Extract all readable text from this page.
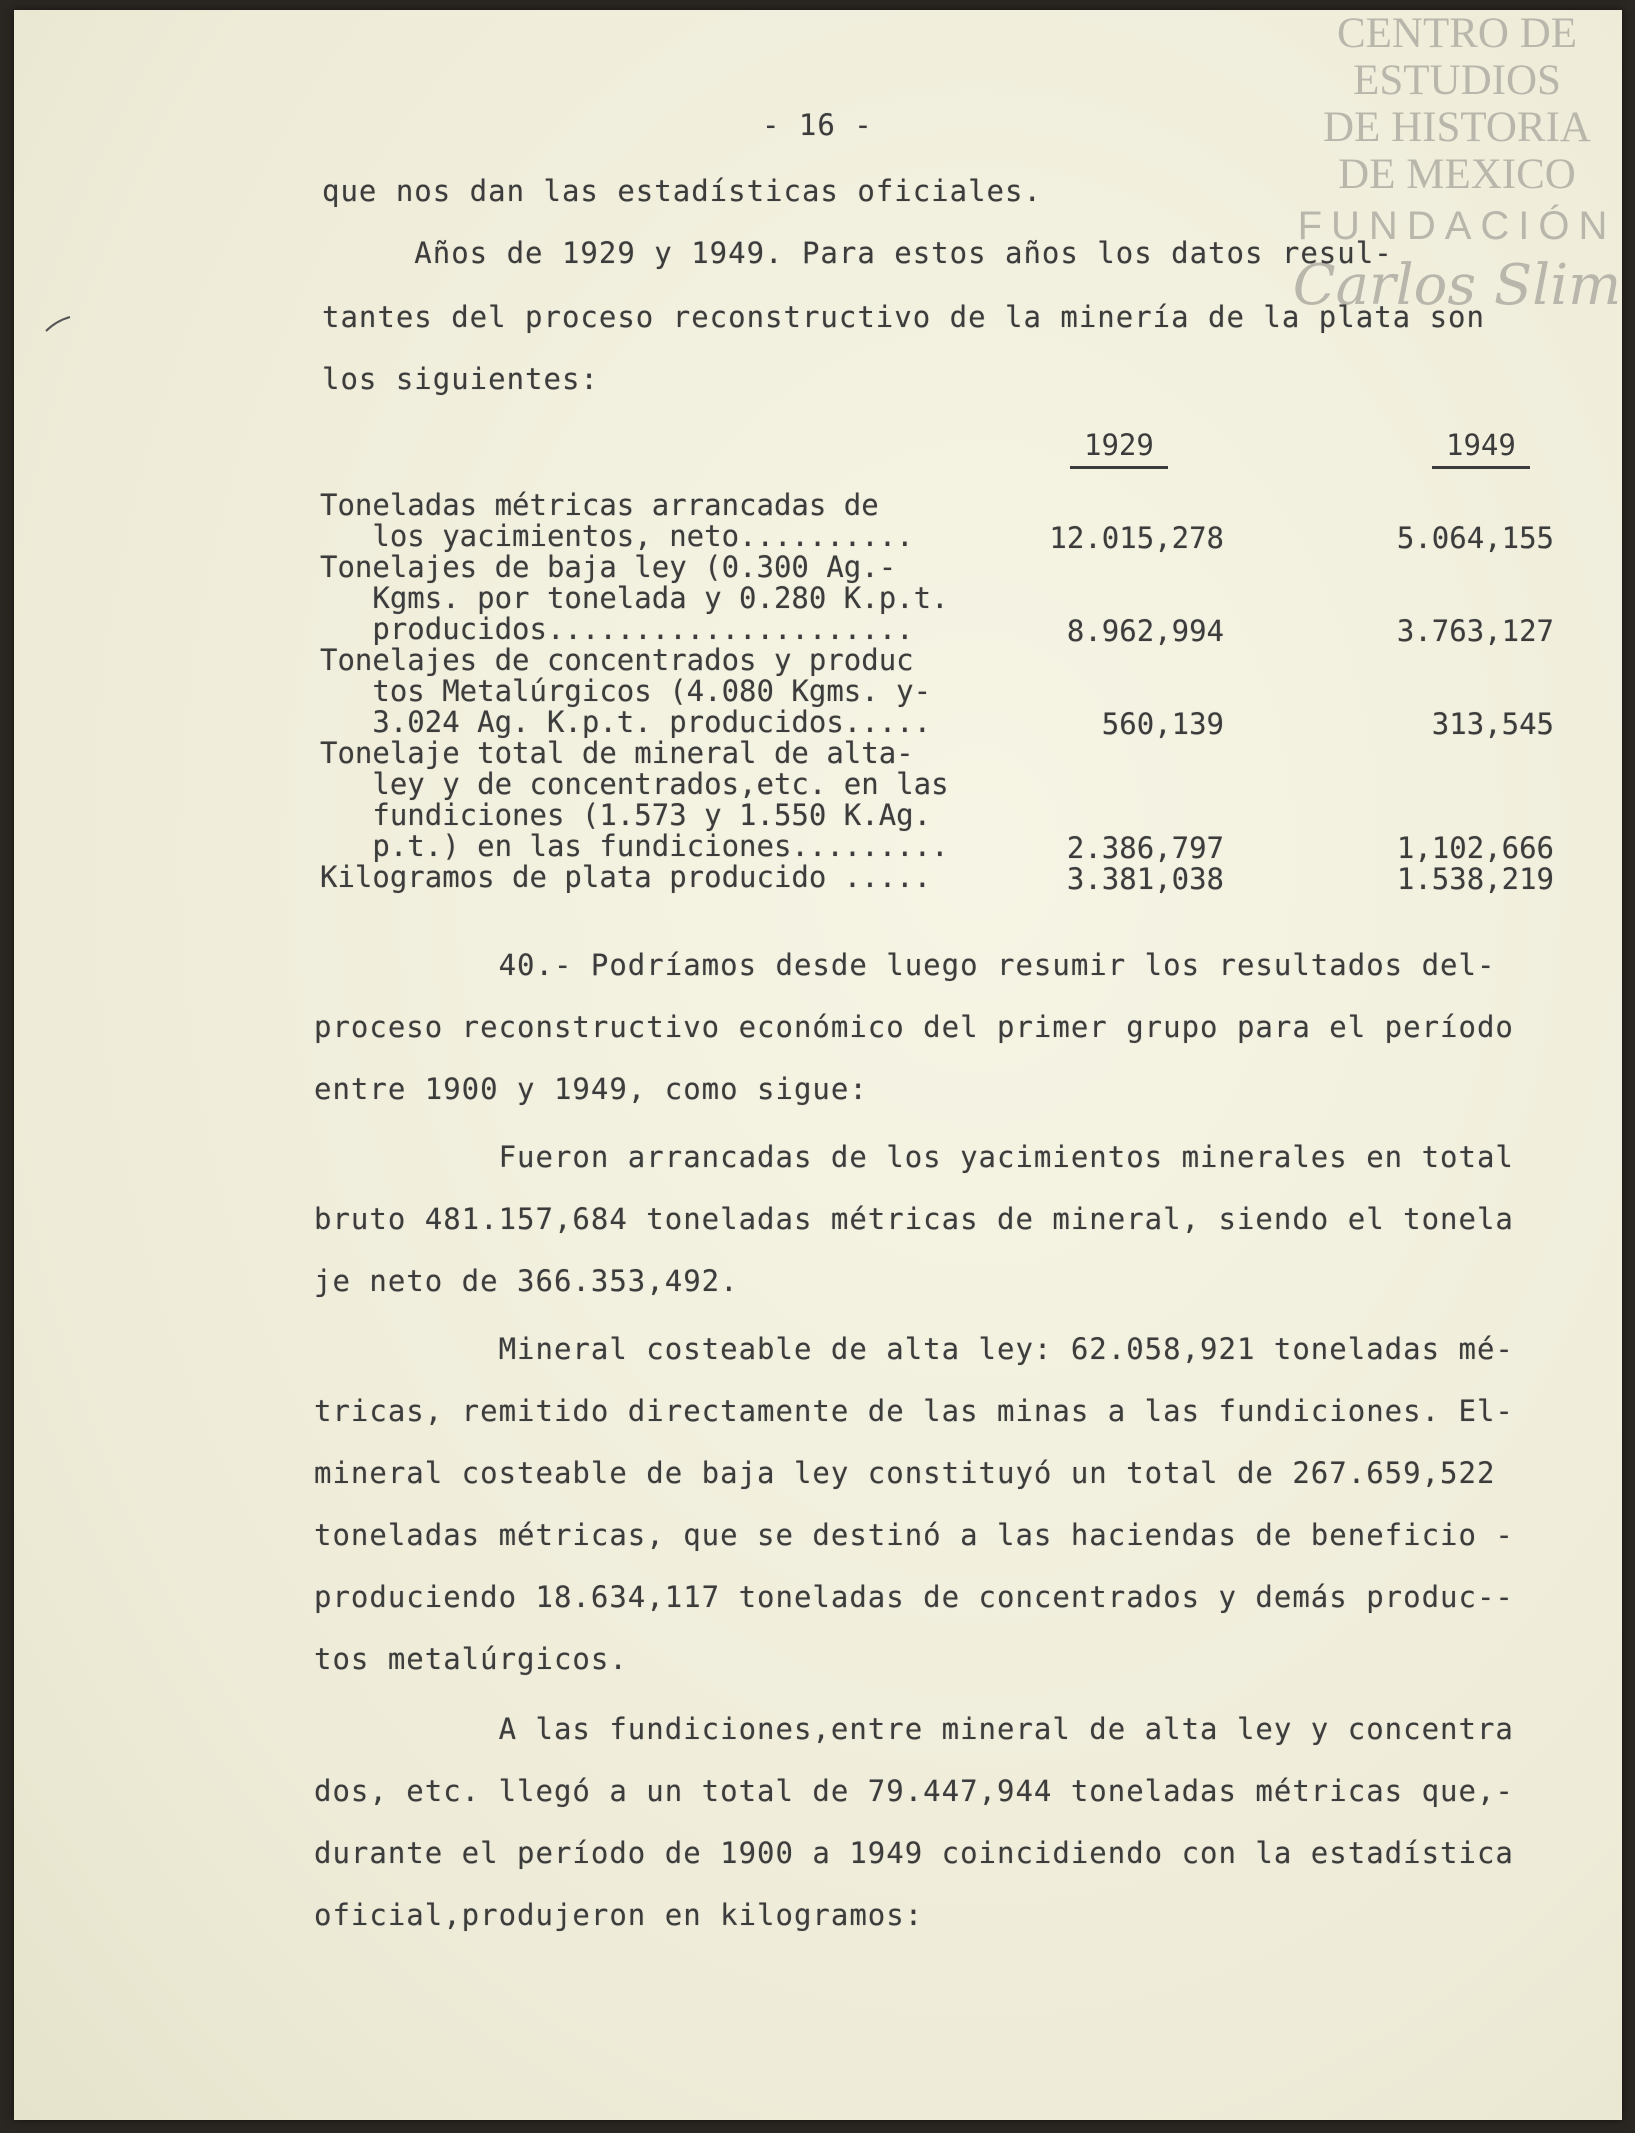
CENTRO DE
ESTUDIOS
DE HISTORIA
DE MEXICO
FUNDACIÓN
Carlos Slim
- 16 -
que nos dan las estadísticas oficiales.
Años de 1929 y 1949. Para estos años los datos resul-
tantes del proceso reconstructivo de la minería de la plata son
los siguientes:
1929	1949
Toneladas métricas arrancadas de
los yacimientos, neto..........	12.015,278	5.064,155
Tonelajes de baja ley (0.300 Ag.-
Kgms. por tonelada y 0.280 K.p.t.
producidos.....................	8.962,994	3.763,127
Tonelajes de concentrados y produc
tos Metalúrgicos (4.080 Kgms. y-
3.024 Ag. K.p.t. producidos.....	560,139	313,545
Tonelaje total de mineral de alta-
ley y de concentrados,etc. en las
fundiciones (1.573 y 1.550 K.Ag.
p.t.) en las fundiciones.........	2.386,797	1,102,666
Kilogramos de plata producido .....	3.381,038	1.538,219
40.- Podríamos desde luego resumir los resultados del-
proceso reconstructivo económico del primer grupo para el período
entre 1900 y 1949, como sigue:
Fueron arrancadas de los yacimientos minerales en total
bruto 481.157,684 toneladas métricas de mineral, siendo el tonela
je neto de 366.353,492.
Mineral costeable de alta ley: 62.058,921 toneladas mé-
tricas, remitido directamente de las minas a las fundiciones. El-
mineral costeable de baja ley constituyó un total de 267.659,522
toneladas métricas, que se destinó a las haciendas de beneficio -
produciendo 18.634,117 toneladas de concentrados y demás produc--
tos metalúrgicos.
A las fundiciones,entre mineral de alta ley y concentra
dos, etc. llegó a un total de 79.447,944 toneladas métricas que,-
durante el período de 1900 a 1949 coincidiendo con la estadística
oficial,produjeron en kilogramos:
